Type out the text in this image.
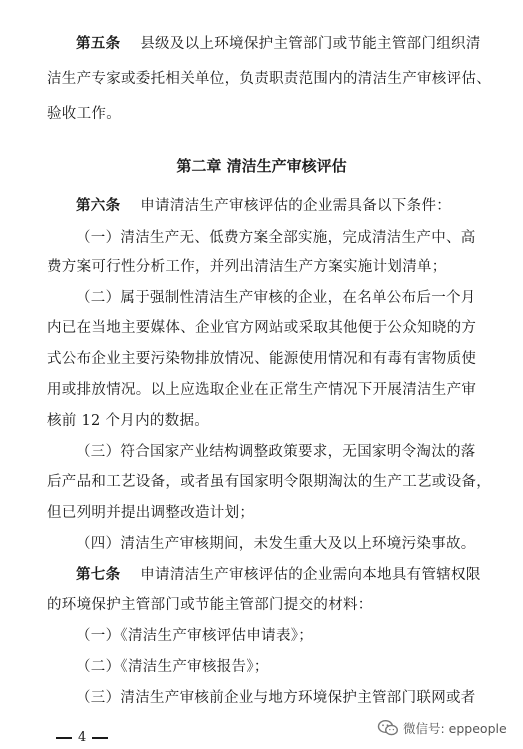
第五条 县级及以上环境保护主管部门或节能主管部门组织清
洁生产专家或委托相关单位，负责职责范围内的清洁生产审核评估、
验收工作。
第二章 清洁生产审核评估
第六条 申请清洁生产审核评估的企业需具备以下条件：
（一）清洁生产无、低费方案全部实施，完成清洁生产中、高
费方案可行性分析工作，并列出清洁生产方案实施计划清单；
（二）属于强制性清洁生产审核的企业，在名单公布后一个月
内已在当地主要媒体、企业官方网站或采取其他便于公众知晓的方
式公布企业主要污染物排放情况、能源使用情况和有毒有害物质使
用或排放情况。以上应选取企业在正常生产情况下开展清洁生产审
核前 12 个月内的数据。
（三）符合国家产业结构调整政策要求，无国家明令淘汰的落
后产品和工艺设备，或者虽有国家明令限期淘汰的生产工艺或设备，
但已列明并提出调整改造计划；
（四）清洁生产审核期间，未发生重大及以上环境污染事故。
第七条 申请清洁生产审核评估的企业需向本地具有管辖权限
的环境保护主管部门或节能主管部门提交的材料：
（一）《清洁生产审核评估申请表》；
（二）《清洁生产审核报告》；
（三）清洁生产审核前企业与地方环境保护主管部门联网或者
4
微信号: eppeople
